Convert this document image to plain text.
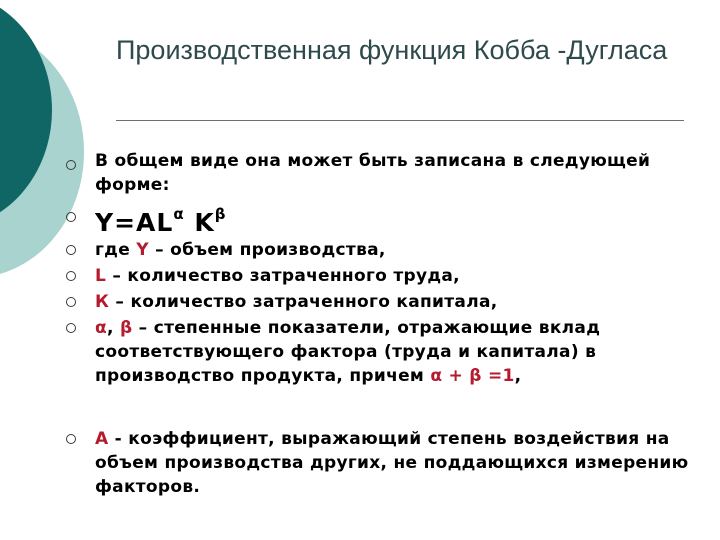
Производственная функция Кобба -Дугласа
В общем виде она может быть записана в следующей форме:
$Y=AL^\alpha$ $K^\beta$
где Y – объем производства,
L – количество затраченного труда,
К – количество затраченного капитала,
α, β – степенные показатели, отражающие вклад соответствующего фактора (труда и капитала) в производство продукта, причем α + β =1,
А - коэффициент, выражающий степень воздействия на объем производства других, не поддающихся измерению факторов.
